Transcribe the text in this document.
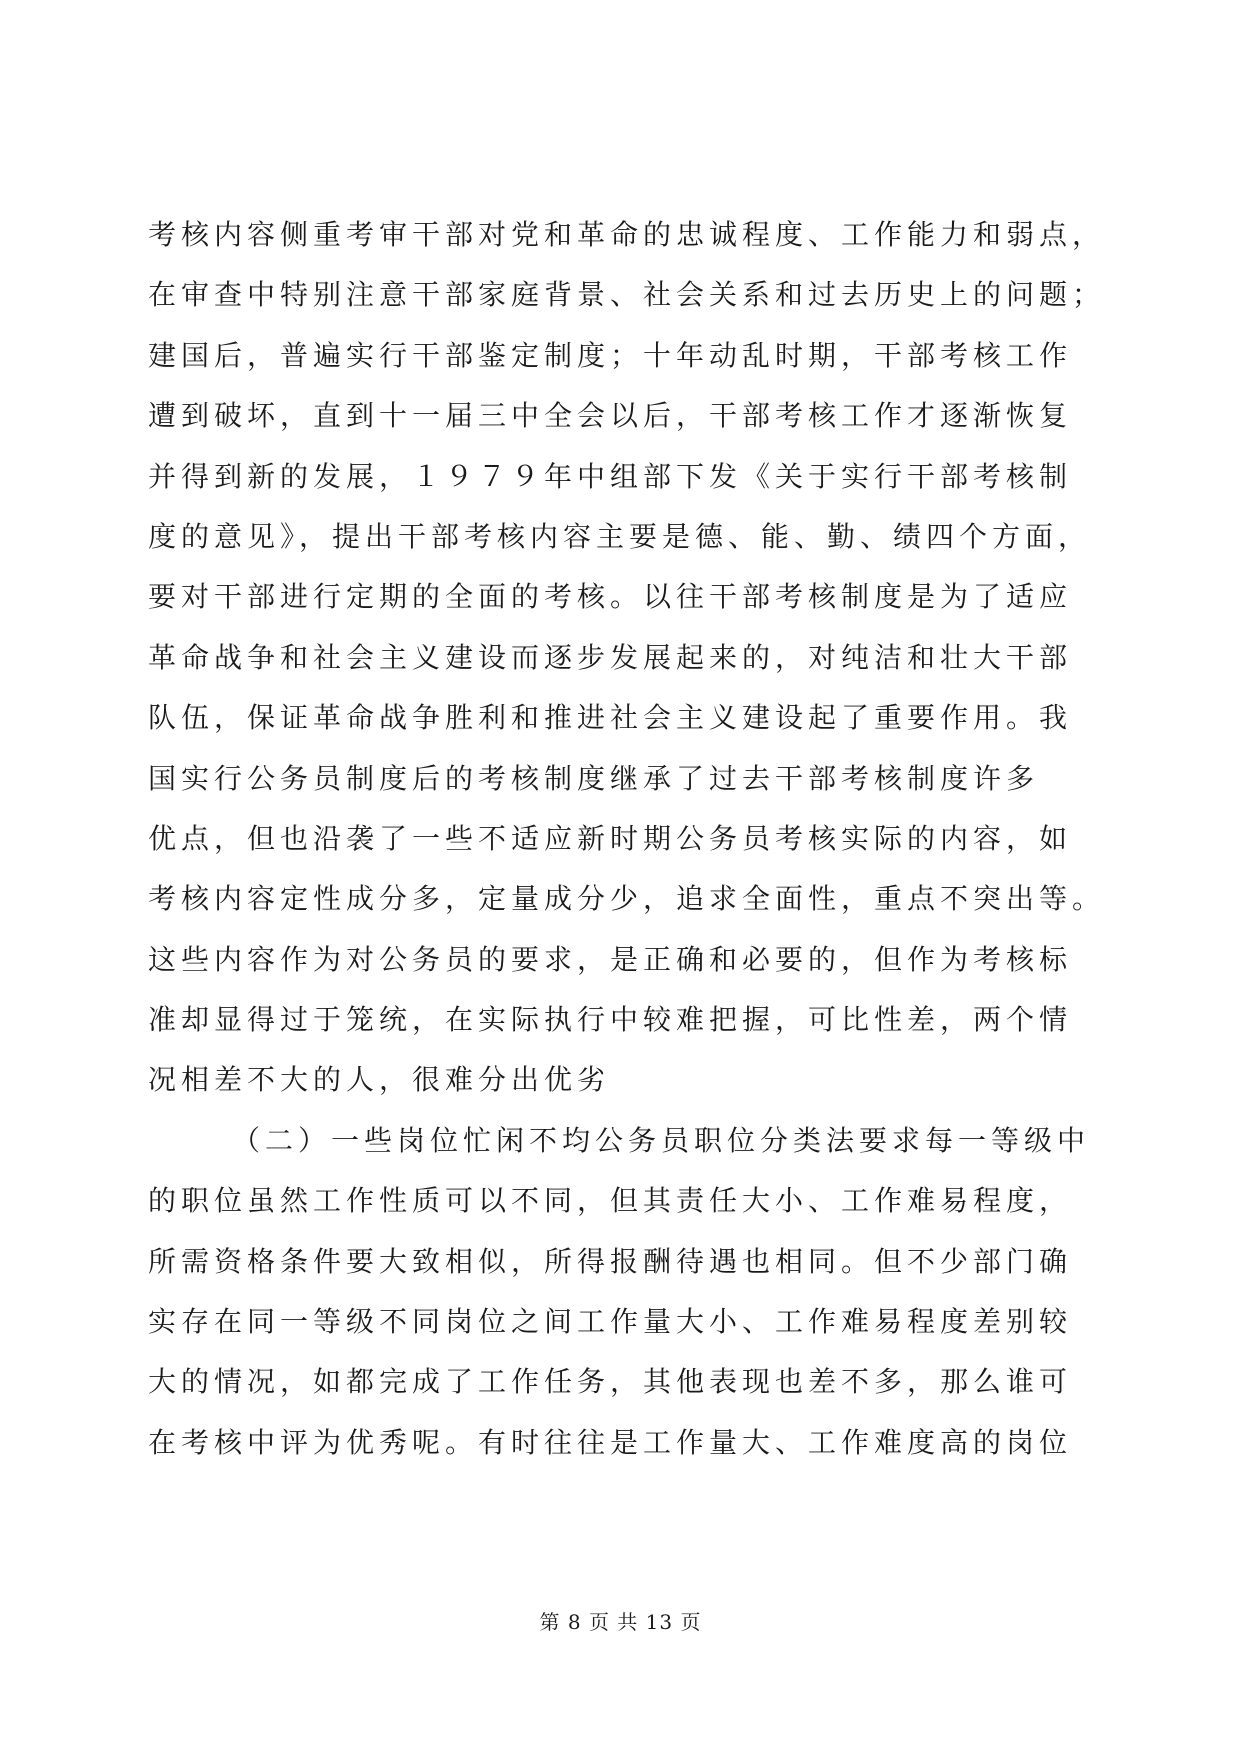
考核内容侧重考审干部对党和革命的忠诚程度、工作能力和弱点，
在审查中特别注意干部家庭背景、社会关系和过去历史上的问题；
建国后，普遍实行干部鉴定制度；十年动乱时期，干部考核工作
遭到破坏，直到十一届三中全会以后，干部考核工作才逐渐恢复
并得到新的发展，１９７９年中组部下发《关于实行干部考核制
度的意见》，提出干部考核内容主要是德、能、勤、绩四个方面，
要对干部进行定期的全面的考核。以往干部考核制度是为了适应
革命战争和社会主义建设而逐步发展起来的，对纯洁和壮大干部
队伍，保证革命战争胜利和推进社会主义建设起了重要作用。我
国实行公务员制度后的考核制度继承了过去干部考核制度许多
优点，但也沿袭了一些不适应新时期公务员考核实际的内容，如
考核内容定性成分多，定量成分少，追求全面性，重点不突出等。
这些内容作为对公务员的要求，是正确和必要的，但作为考核标
准却显得过于笼统，在实际执行中较难把握，可比性差，两个情
况相差不大的人，很难分出优劣
（二）一些岗位忙闲不均公务员职位分类法要求每一等级中
的职位虽然工作性质可以不同，但其责任大小、工作难易程度，
所需资格条件要大致相似，所得报酬待遇也相同。但不少部门确
实存在同一等级不同岗位之间工作量大小、工作难易程度差别较
大的情况，如都完成了工作任务，其他表现也差不多，那么谁可
在考核中评为优秀呢。有时往往是工作量大、工作难度高的岗位
第 8 页 共 13 页
